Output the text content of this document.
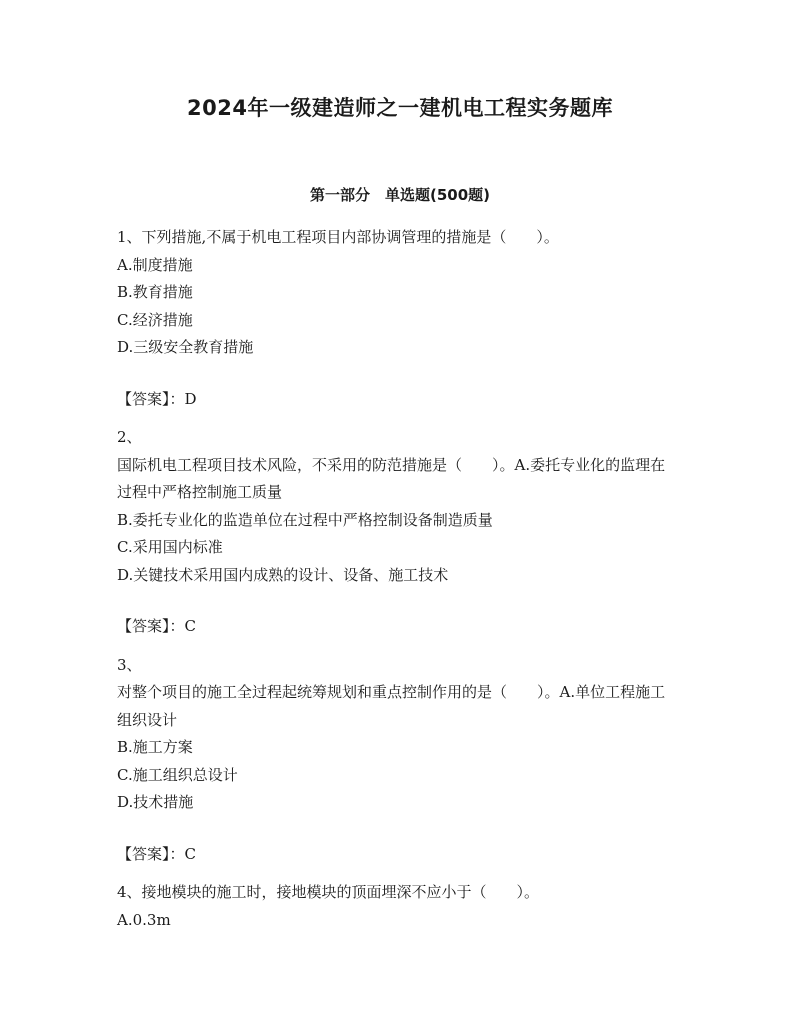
2024年一级建造师之一建机电工程实务题库
第一部分　单选题(500题)

1、下列措施,不属于机电工程项目内部协调管理的措施是（　　）。

A.制度措施

B.教育措施

C.经济措施

D.三级安全教育措施

【答案】：D

2、

国际机电工程项目技术风险，不采用的防范措施是（　　）。A.委托专业化的监理在过程中严格控制施工质量

B.委托专业化的监造单位在过程中严格控制设备制造质量

C.采用国内标准

D.关键技术采用国内成熟的设计、设备、施工技术

【答案】：C

3、

对整个项目的施工全过程起统筹规划和重点控制作用的是（　　）。A.单位工程施工组织设计

B.施工方案

C.施工组织总设计

D.技术措施

【答案】：C

4、接地模块的施工时，接地模块的顶面埋深不应小于（　　）。

A.0.3m
